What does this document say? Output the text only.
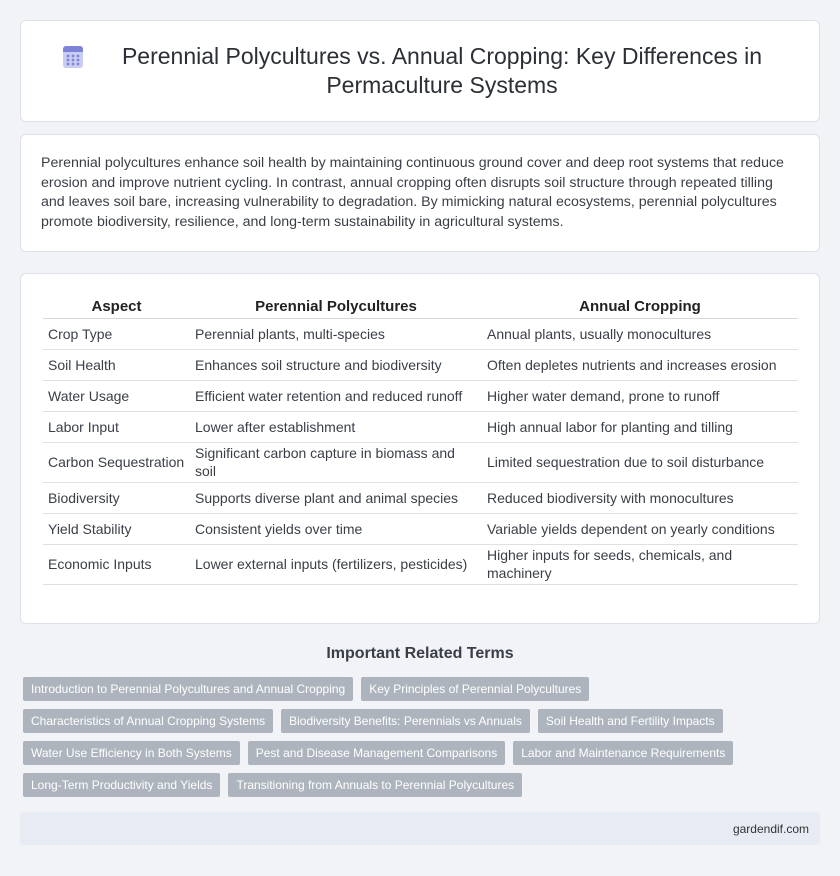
Perennial Polycultures vs. Annual Cropping: Key Differences in Permaculture Systems

Perennial polycultures enhance soil health by maintaining continuous ground cover and deep root systems that reduce erosion and improve nutrient cycling. In contrast, annual cropping often disrupts soil structure through repeated tilling and leaves soil bare, increasing vulnerability to degradation. By mimicking natural ecosystems, perennial polycultures promote biodiversity, resilience, and long-term sustainability in agricultural systems.

Aspect	Perennial Polycultures	Annual Cropping
Crop Type	Perennial plants, multi-species	Annual plants, usually monocultures
Soil Health	Enhances soil structure and biodiversity	Often depletes nutrients and increases erosion
Water Usage	Efficient water retention and reduced runoff	Higher water demand, prone to runoff
Labor Input	Lower after establishment	High annual labor for planting and tilling
Carbon Sequestration	Significant carbon capture in biomass and soil	Limited sequestration due to soil disturbance
Biodiversity	Supports diverse plant and animal species	Reduced biodiversity with monocultures
Yield Stability	Consistent yields over time	Variable yields dependent on yearly conditions
Economic Inputs	Lower external inputs (fertilizers, pesticides)	Higher inputs for seeds, chemicals, and machinery
Important Related Terms
Introduction to Perennial Polycultures and Annual Cropping	Key Principles of Perennial Polycultures
Characteristics of Annual Cropping Systems	Biodiversity Benefits: Perennials vs Annuals	Soil Health and Fertility Impacts
Water Use Efficiency in Both Systems	Pest and Disease Management Comparisons	Labor and Maintenance Requirements
Long-Term Productivity and Yields	Transitioning from Annuals to Perennial Polycultures
gardendif.com
